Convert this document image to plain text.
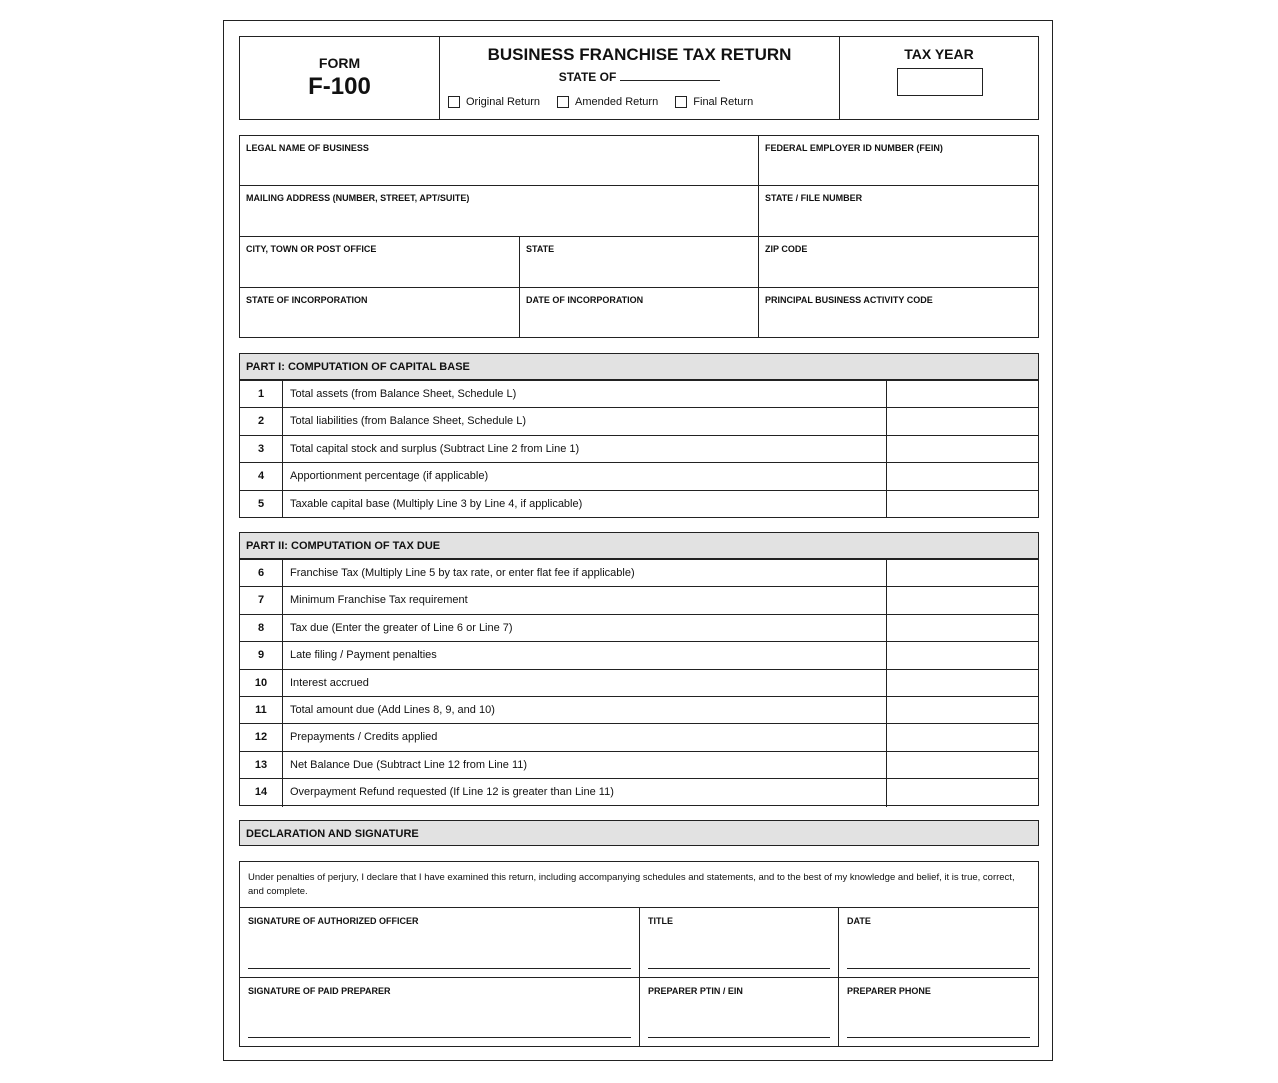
FORM
F-100
BUSINESS FRANCHISE TAX RETURN
STATE OF
Original Return
	Amended Return
	Final Return
TAX YEAR
LEGAL NAME OF BUSINESS	FEDERAL EMPLOYER ID NUMBER (FEIN)
MAILING ADDRESS (NUMBER, STREET, APT/SUITE)	STATE / FILE NUMBER
CITY, TOWN OR POST OFFICE	STATE	ZIP CODE
STATE OF INCORPORATION	DATE OF INCORPORATION	PRINCIPAL BUSINESS ACTIVITY CODE
PART I: COMPUTATION OF CAPITAL BASE
1	Total assets (from Balance Sheet, Schedule L)
2	Total liabilities (from Balance Sheet, Schedule L)
3	Total capital stock and surplus (Subtract Line 2 from Line 1)
4	Apportionment percentage (if applicable)
5	Taxable capital base (Multiply Line 3 by Line 4, if applicable)
PART II: COMPUTATION OF TAX DUE
6	Franchise Tax (Multiply Line 5 by tax rate, or enter flat fee if applicable)
7	Minimum Franchise Tax requirement
8	Tax due (Enter the greater of Line 6 or Line 7)
9	Late filing / Payment penalties
10	Interest accrued
11	Total amount due (Add Lines 8, 9, and 10)
12	Prepayments / Credits applied
13	Net Balance Due (Subtract Line 12 from Line 11)
14	Overpayment Refund requested (If Line 12 is greater than Line 11)
DECLARATION AND SIGNATURE
Under penalties of perjury, I declare that I have examined this return, including accompanying schedules and statements, and to the best of my knowledge and belief, it is true, correct, and complete.
SIGNATURE OF AUTHORIZED OFFICER	TITLE	DATE
SIGNATURE OF PAID PREPARER	PREPARER PTIN / EIN	PREPARER PHONE
